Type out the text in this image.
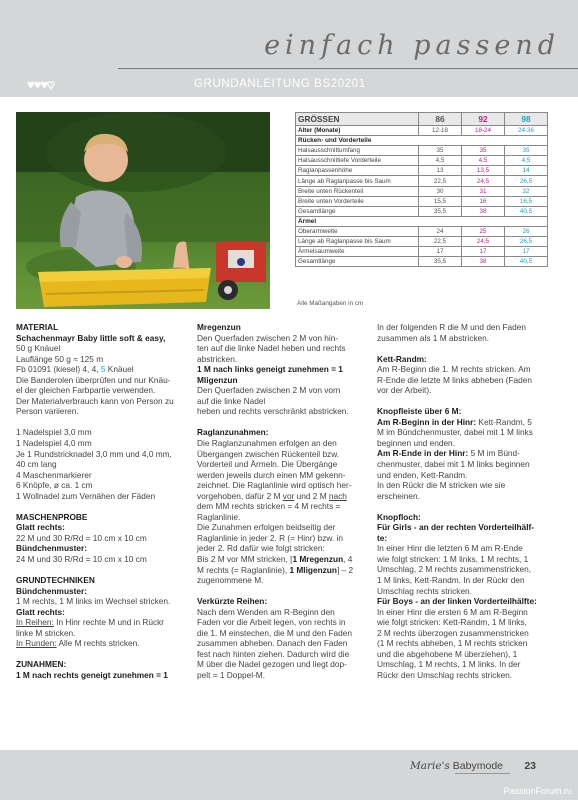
einfach passend
♥♥♥♥	GRUNDANLEITUNG BS20201
GRÖSSEN	86	92	98
Alter (Monate)	12-18	18-24	24-36
Rücken- und Vorderteile			
Halsausschnittumfang	35	35	35
Halsausschnittiefe Vorderteile	4,5	4,5	4,5
Raglanpassenhöhe	13	13,5	14
Länge ab Raglanpasse bis Saum	22,5	24,5	26,5
Breite unten Rückenteil	30	31	32
Breite unten Vorderteile	15,5	16	16,5
Gesamtlänge	35,5	38	40,5
Ärmel			
Oberarmweite	24	25	26
Länge ab Raglanpasse bis Saum	22,5	24,5	26,5
Ärmelsaumweite	17	17	17
Gesamtlänge	35,5	38	40,5
Alle Maßangaben in cm

MATERIAL

Schachenmayr Baby little soft & easy,

50 g Knäuel

Lauflänge 50 g ≈ 125 m

Fb 01091 (kiesel) 4, 4, 5 Knäuel

Die Banderolen überprüfen und nur Knäu-

el der gleichen Farbpartie verwenden.

Der Materialverbrauch kann von Person zu

Person variieren.

1 Nadelspiel 3,0 mm

1 Nadelspiel 4,0 mm

Je 1 Rundstricknadel 3,0 mm und 4,0 mm,

40 cm lang

4 Maschenmarkierer

6 Knöpfe, ø ca. 1 cm

1 Wollnadel zum Vernähen der Fäden

MASCHENPROBE

Glatt rechts:

22 M und 30 R/Rd = 10 cm x 10 cm

Bündchenmuster:

24 M und 30 R/Rd = 10 cm x 10 cm

GRUNDTECHNIKEN

Bündchenmuster:

1 M rechts, 1 M links im Wechsel stricken.

Glatt rechts:

In Reihen: In Hinr rechte M und in Rückr

linke M stricken.

In Runden: Alle M rechts stricken.

ZUNAHMEN:

1 M nach rechts geneigt zunehmen = 1

Mregenzun

Den Querfaden zwischen 2 M von hin-

ten auf die linke Nadel heben und rechts

abstricken.

1 M nach links geneigt zunehmen = 1

Mligenzun

Den Querfaden zwischen 2 M von vorn

auf die linke Nadel

heben und rechts verschränkt abstricken.

Raglanzunahmen:

Die Raglanzunahmen erfolgen an den

Übergangen zwischen Rückenteil bzw.

Vorderteil und Ärmeln. Die Übergänge

werden jeweils durch einen MM gekenn-

zeichnet. Die Raglanlinie wird optisch her-

vorgehoben, dafür 2 M vor und 2 M nach

dem MM rechts stricken = 4 M rechts =

Raglanlinie.

Die Zunahmen erfolgen beidseitig der

Raglanlinie in jeder 2. R (= Hinr) bzw. in

jeder 2. Rd dafür wie folgt stricken:

Bis 2 M vor MM stricken, [1 Mregenzun, 4

M rechts (= Raglanlinie), 1 Mligenzun] – 2

zugenommene M.

Verkürzte Reihen:

Nach dem Wenden am R-Beginn den

Faden vor die Arbeit legen, von rechts in

die 1. M einstechen, die M und den Faden

zusammen abheben. Danach den Faden

fest nach hinten ziehen. Dadurch wird die

M über die Nadel gezogen und liegt dop-

pelt = 1 Doppel-M.

In der folgenden R die M und den Faden

zusammen als 1 M abstricken.

Kett-Randm:

Am R-Beginn die 1. M rechts stricken. Am

R-Ende die letzte M links abheben (Faden

vor der Arbeit).

Knopfleiste über 6 M:

Am R-Beginn in der Hinr: Kett-Randm, 5

M im Bündchenmuster, dabei mit 1 M links

beginnen und enden.

Am R-Ende in der Hinr: 5 M im Bünd-

chenmuster, dabei mit 1 M links beginnen

und enden, Kett-Randm.

In den Rückr die M stricken wie sie

erscheinen.

Knopfloch:

Für Girls - an der rechten Vorderteilhälf-

te:

In einer Hinr die letzten 6 M am R-Ende

wie folgt stricken: 1 M links, 1 M rechts, 1

Umschlag, 2 M rechts zusammenstricken,

1 M links, Kett-Randm. In der Rückr den

Umschlag rechts stricken.

Für Boys - an der linken Vorderteilhälfte:

In einer Hinr die ersten 6 M am R-Beginn

wie folgt stricken: Kett-Randm, 1 M links,

2 M rechts überzogen zusammenstricken

(1 M rechts abheben, 1 M rechts stricken

und die abgehobene M überziehen), 1

Umschlag, 1 M rechts, 1 M links. In der

Rückr den Umschlag rechts stricken.

Marie's Babymode 23
PassionForum.ru
